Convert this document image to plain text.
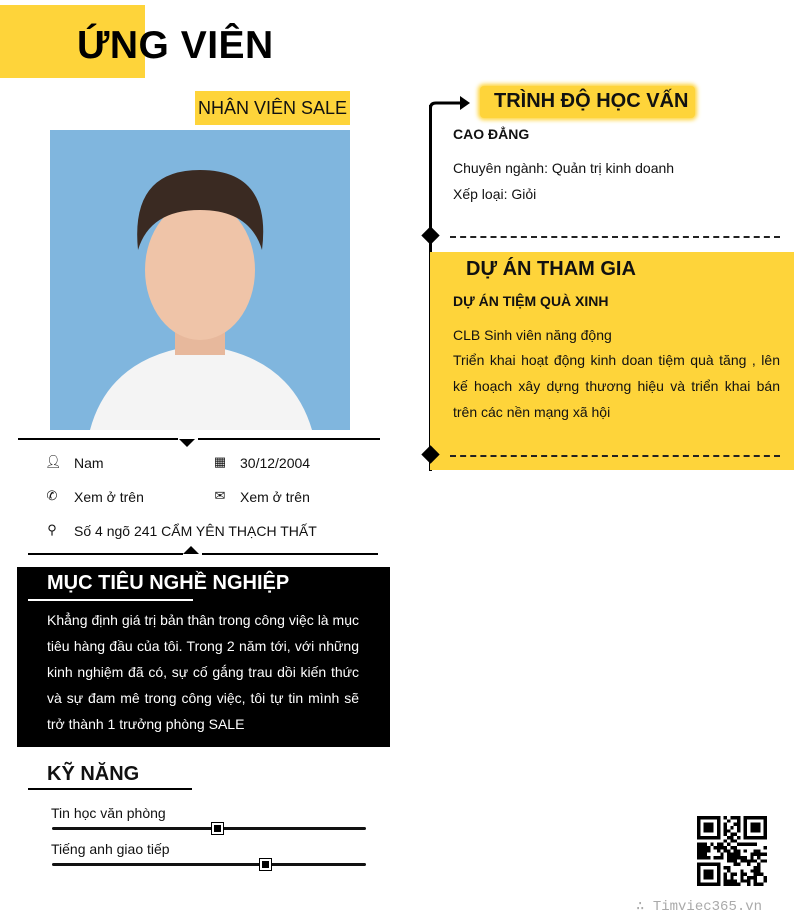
ỨNG VIÊN
NHÂN VIÊN SALE
👤︎ Nam	▦ 30/12/2004
✆ Xem ở trên	✉ Xem ở trên
⚲ Số 4 ngõ 241 CẨM YÊN THẠCH THẤT
MỤC TIÊU NGHỀ NGHIỆP
Khẳng định giá trị bản thân trong công việc là mục tiêu hàng đầu của tôi. Trong 2 năm tới, với những kinh nghiệm đã có, sự cố gắng trau dồi kiến thức và sự đam mê trong công việc, tôi tự tin mình sẽ trở thành 1 trưởng phòng SALE
KỸ NĂNG
Tin học văn phòng
Tiếng anh giao tiếp
TRÌNH ĐỘ HỌC VẤN
CAO ĐẲNG
Chuyên ngành: Quản trị kinh doanh
Xếp loại: Giỏi
DỰ ÁN THAM GIA
DỰ ÁN TIỆM QUÀ XINH
CLB Sinh viên năng động
Triển khai hoạt động kinh doan tiệm quà tăng , lên kế hoạch xây dựng thương hiệu và triển khai bán trên các nền mạng xã hội
∴ Timviec365.vn
